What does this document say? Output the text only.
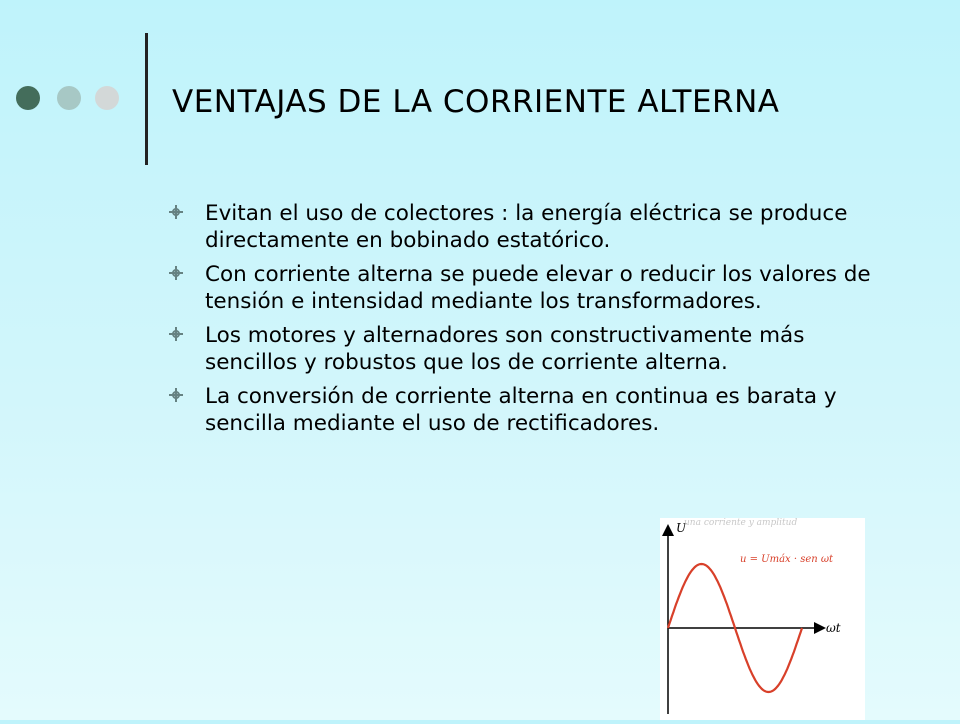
VENTAJAS DE LA CORRIENTE ALTERNA
Evitan el uso de colectores : la energía eléctrica se produce directamente en bobinado estatórico.
Con corriente alterna se puede elevar o reducir los valores de tensión e intensidad mediante los transformadores.
Los motores y alternadores son constructivamente más sencillos y robustos que los de corriente alterna.
La conversión de corriente alterna en continua es barata y sencilla mediante el uso de rectificadores.
una corriente y amplitud
U
ωt
u = Umáx · sen ωt
